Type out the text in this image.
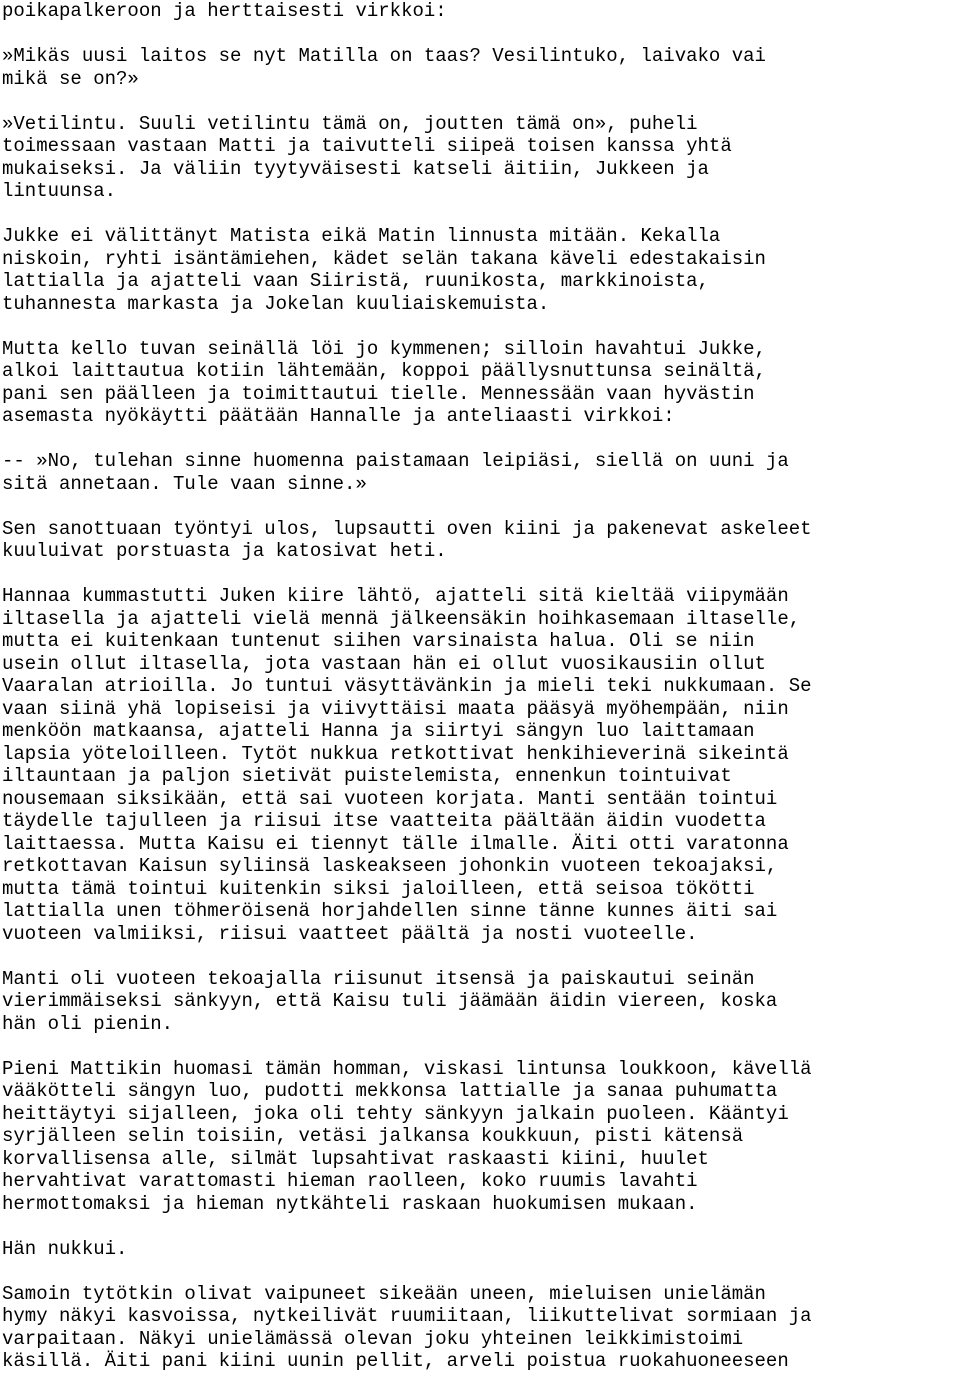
poikapalkeroon ja herttaisesti virkkoi:
»Mikäs uusi laitos se nyt Matilla on taas? Vesilintuko, laivako vai
mikä se on?»
»Vetilintu. Suuli vetilintu tämä on, joutten tämä on», puheli
toimessaan vastaan Matti ja taivutteli siipeä toisen kanssa yhtä
mukaiseksi. Ja väliin tyytyväisesti katseli äitiin, Jukkeen ja
lintuunsa.
Jukke ei välittänyt Matista eikä Matin linnusta mitään. Kekalla
niskoin, ryhti isäntämiehen, kädet selän takana käveli edestakaisin
lattialla ja ajatteli vaan Siiristä, ruunikosta, markkinoista,
tuhannesta markasta ja Jokelan kuuliaiskemuista.
Mutta kello tuvan seinällä löi jo kymmenen; silloin havahtui Jukke,
alkoi laittautua kotiin lähtemään, koppoi päällysnuttunsa seinältä,
pani sen päälleen ja toimittautui tielle. Mennessään vaan hyvästin
asemasta nyökäytti päätään Hannalle ja anteliaasti virkkoi:
-- »No, tulehan sinne huomenna paistamaan leipiäsi, siellä on uuni ja
sitä annetaan. Tule vaan sinne.»
Sen sanottuaan työntyi ulos, lupsautti oven kiini ja pakenevat askeleet
kuuluivat porstuasta ja katosivat heti.
Hannaa kummastutti Juken kiire lähtö, ajatteli sitä kieltää viipymään
iltasella ja ajatteli vielä mennä jälkeensäkin hoihkasemaan iltaselle,
mutta ei kuitenkaan tuntenut siihen varsinaista halua. Oli se niin
usein ollut iltasella, jota vastaan hän ei ollut vuosikausiin ollut
Vaaralan atrioilla. Jo tuntui väsyttävänkin ja mieli teki nukkumaan. Se
vaan siinä yhä lopiseisi ja viivyttäisi maata pääsyä myöhempään, niin
menköön matkaansa, ajatteli Hanna ja siirtyi sängyn luo laittamaan
lapsia yöteloilleen. Tytöt nukkua retkottivat henkihieverinä sikeintä
iltauntaan ja paljon sietivät puistelemista, ennenkun tointuivat
nousemaan siksikään, että sai vuoteen korjata. Manti sentään tointui
täydelle tajulleen ja riisui itse vaatteita päältään äidin vuodetta
laittaessa. Mutta Kaisu ei tiennyt tälle ilmalle. Äiti otti varatonna
retkottavan Kaisun syliinsä laskeakseen johonkin vuoteen tekoajaksi,
mutta tämä tointui kuitenkin siksi jaloilleen, että seisoa tökötti
lattialla unen töhmeröisenä horjahdellen sinne tänne kunnes äiti sai
vuoteen valmiiksi, riisui vaatteet päältä ja nosti vuoteelle.
Manti oli vuoteen tekoajalla riisunut itsensä ja paiskautui seinän
vierimmäiseksi sänkyyn, että Kaisu tuli jäämään äidin viereen, koska
hän oli pienin.
Pieni Mattikin huomasi tämän homman, viskasi lintunsa loukkoon, kävellä
vääkötteli sängyn luo, pudotti mekkonsa lattialle ja sanaa puhumatta
heittäytyi sijalleen, joka oli tehty sänkyyn jalkain puoleen. Kääntyi
syrjälleen selin toisiin, vetäsi jalkansa koukkuun, pisti kätensä
korvallisensa alle, silmät lupsahtivat raskaasti kiini, huulet
hervahtivat varattomasti hieman raolleen, koko ruumis lavahti
hermottomaksi ja hieman nytkähteli raskaan huokumisen mukaan.
Hän nukkui.
Samoin tytötkin olivat vaipuneet sikeään uneen, mieluisen unielämän
hymy näkyi kasvoissa, nytkeilivät ruumiitaan, liikuttelivat sormiaan ja
varpaitaan. Näkyi unielämässä olevan joku yhteinen leikkimistoimi
käsillä. Äiti pani kiini uunin pellit, arveli poistua ruokahuoneeseen
